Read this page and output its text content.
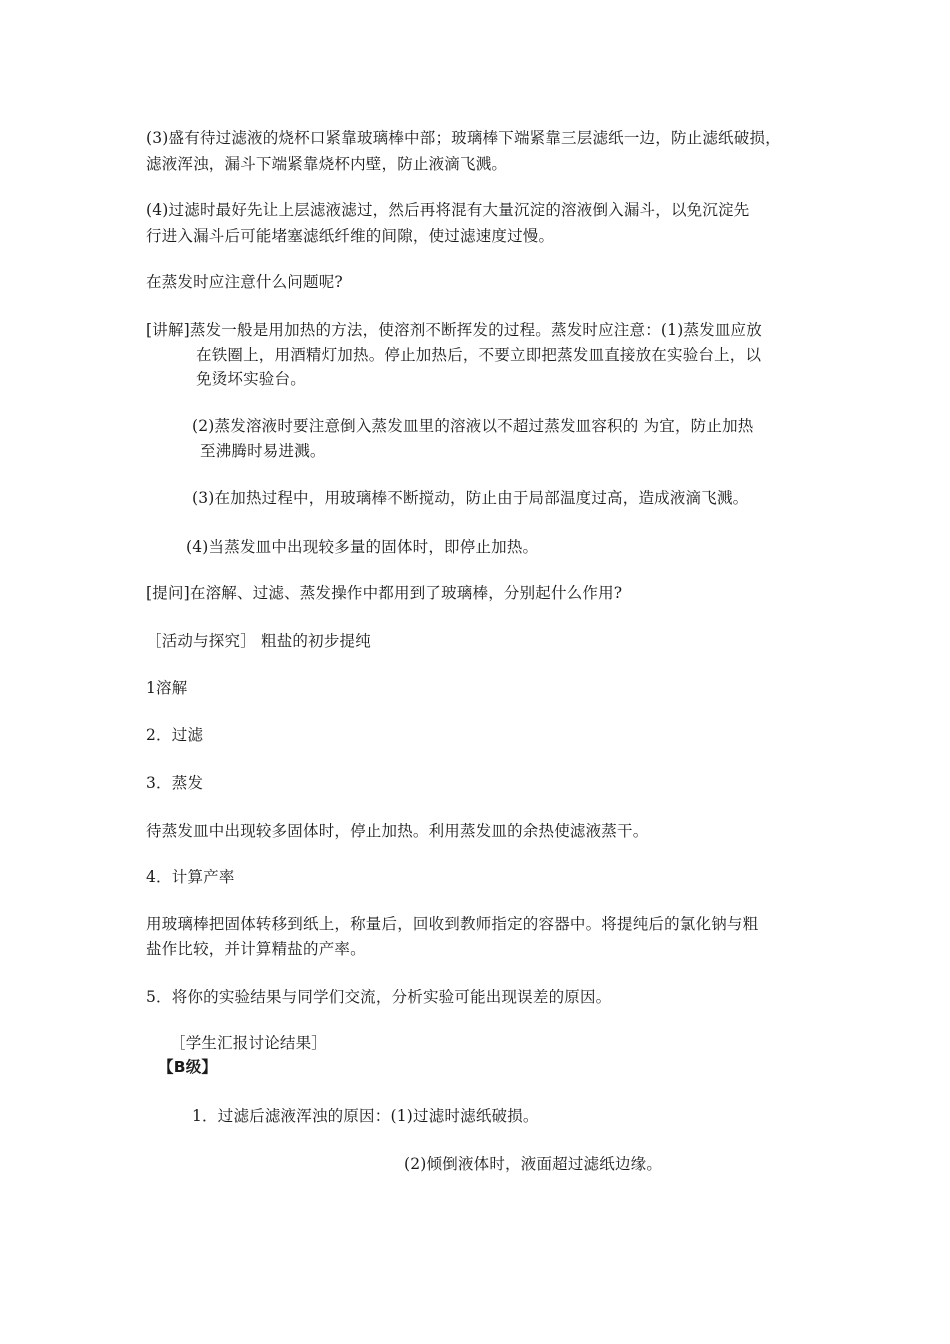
(3)盛有待过滤液的烧杯口紧靠玻璃棒中部；玻璃棒下端紧靠三层滤纸一边，防止滤纸破损，
滤液浑浊，漏斗下端紧靠烧杯内壁，防止液滴飞溅。
(4)过滤时最好先让上层滤液滤过，然后再将混有大量沉淀的溶液倒入漏斗，以免沉淀先
行进入漏斗后可能堵塞滤纸纤维的间隙，使过滤速度过慢。
在蒸发时应注意什么问题呢?
[讲解]蒸发一般是用加热的方法，使溶剂不断挥发的过程。蒸发时应注意：(1)蒸发皿应放
在铁圈上，用酒精灯加热。停止加热后，不要立即把蒸发皿直接放在实验台上，以
免烫坏实验台。
(2)蒸发溶液时要注意倒入蒸发皿里的溶液以不超过蒸发皿容积的 为宜，防止加热
至沸腾时易进溅。
(3)在加热过程中，用玻璃棒不断搅动，防止由于局部温度过高，造成液滴飞溅。
(4)当蒸发皿中出现较多量的固体时，即停止加热。
[提问]在溶解、过滤、蒸发操作中都用到了玻璃棒，分别起什么作用?
［活动与探究］ 粗盐的初步提纯
1溶解
2．过滤
3．蒸发
待蒸发皿中出现较多固体时，停止加热。利用蒸发皿的余热使滤液蒸干。
4．计算产率
用玻璃棒把固体转移到纸上，称量后，回收到教师指定的容器中。将提纯后的氯化钠与粗
盐作比较，并计算精盐的产率。
5．将你的实验结果与同学们交流，分析实验可能出现误差的原因。
［学生汇报讨论结果］
【B级】
1．过滤后滤液浑浊的原因：(1)过滤时滤纸破损。
(2)倾倒液体时，液面超过滤纸边缘。
